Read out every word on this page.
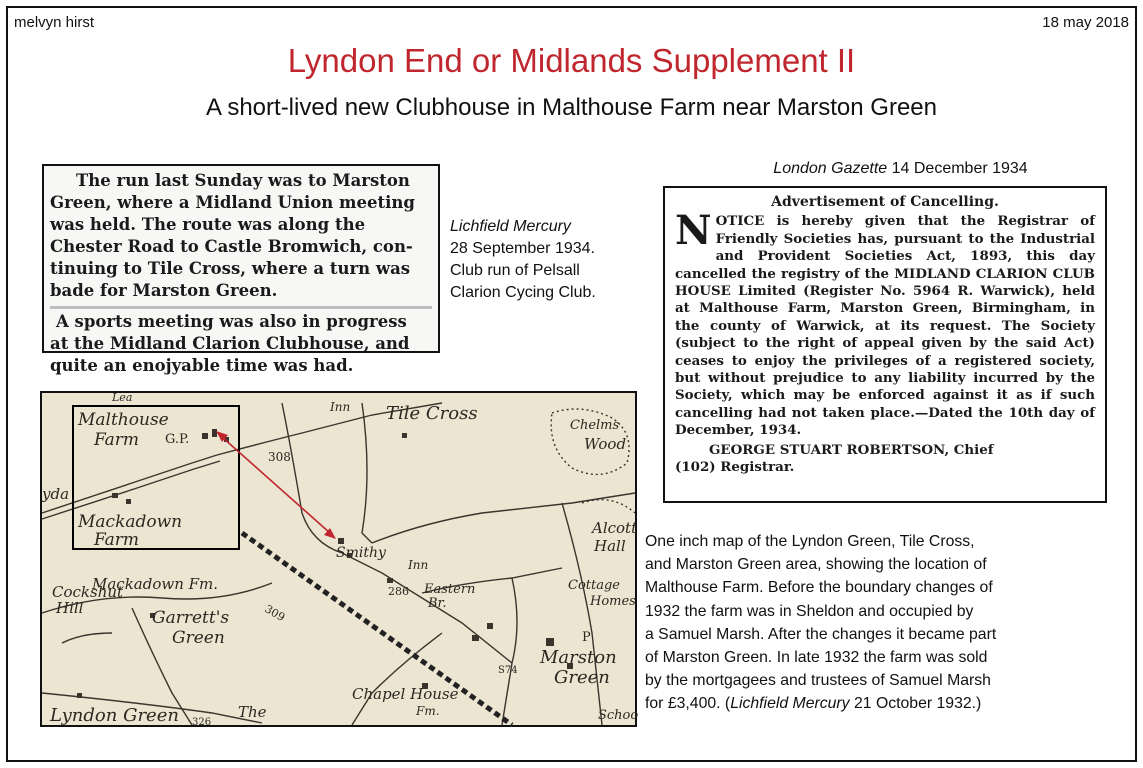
melvyn hirst	18 may 2018
Lyndon End or Midlands Supplement II
A short-lived new Clubhouse in Malthouse Farm near Marston Green
The run last Sunday was to Marston
Green, where a Midland Union meeting
was held. The route was along the
Chester Road to Castle Bromwich, con-
tinuing to Tile Cross, where a turn was
bade for Marston Green.
A sports meeting was also in progress
at the Midland Clarion Clubhouse, and
quite an enojyable time was had.
Lichfield Mercury
28 September 1934.
Club run of Pelsall
Clarion Cycing Club.
London Gazette 14 December 1934
Advertisement of Cancelling.
N OTICE is hereby given that the Registrar of Friendly Societies has, pursuant to the Industrial and Provident Societies Act, 1893, this day cancelled the registry of the MIDLAND CLARION CLUB HOUSE Limited (Register No. 5964 R. Warwick), held at Malthouse Farm, Marston Green, Birmingham, in the county of Warwick, at its request. The Society (subject to the right of appeal given by the said Act) ceases to enjoy the privileges of a registered society, but without prejudice to any liability incurred by the Society, which may be enforced against it as if such cancelling had not taken place.—Dated the 10th day of December, 1934.
GEORGE STUART ROBERTSON, Chief
(102) Registrar.
Malthouse
Farm G.P.
Mackadown
Farm
Mackadown Fm.
Cockshut
Hill	Garrett's
Green
Lyndon Green	The
Tile Cross
Inn
Inn
308
309
286
Smithy
Eastern
Br.
Chelms
Wood
Alcott
Hall
Cottage
Homes
Marston
Green
Chapel House
Fm.	Schoo
326
S74
P
Lea
yda
One inch map of the Lyndon Green, Tile Cross,
and Marston Green area, showing the location of
Malthouse Farm. Before the boundary changes of
1932 the farm was in Sheldon and occupied by
a Samuel Marsh. After the changes it became part
of Marston Green. In late 1932 the farm was sold
by the mortgagees and trustees of Samuel Marsh
for £3,400. (Lichfield Mercury 21 October 1932.)
